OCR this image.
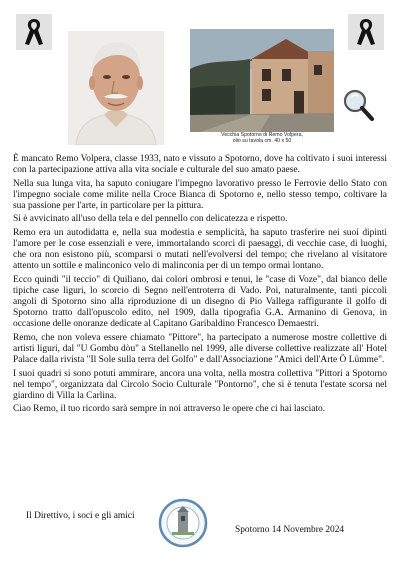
Vecchia Spotorno di Remo Volpera,
olio su tavola cm. 40 x 50

È mancato Remo Volpera, classe 1933, nato e vissuto a Spotorno, dove ha coltivato i suoi interessi con la partecipazione attiva alla vita sociale e culturale del suo amato paese.

Nella sua lunga vita, ha saputo coniugare l'impegno lavorativo presso le Ferrovie dello Stato con l'impegno sociale come milite nella Croce Bianca di Spotorno e, nello stesso tempo, coltivare la sua passione per l'arte, in particolare per la pittura.

Si è avvicinato all'uso della tela e del pennello con delicatezza e rispetto.

Remo era un autodidatta e, nella sua modestia e semplicità, ha saputo trasferire nei suoi dipinti l'amore per le cose essenziali e vere, immortalando scorci di paesaggi, di vecchie case, di luoghi, che ora non esistono più, scomparsi o mutati nell'evolversi del tempo; che rivelano al visitatore attento un sottile e malinconico velo di malinconia per di un tempo ormai lontano.

Ecco quindi "il teccio" di Quiliano, dai colori ombrosi e tenui, le "case di Voze", dal bianco delle tipiche case liguri, lo scorcio di Segno nell'entroterra di Vado. Poi, naturalmente, tanti piccoli angoli di Spotorno sino alla riproduzione di un disegno di Pio Vallega raffigurante il golfo di Spotorno tratto dall'opuscolo edito, nel 1909, dalla tipografia G.A. Armanino di Genova, in occasione delle onoranze dedicate al Capitano Garibaldino Francesco Demaestri.

Remo, che non voleva essere chiamato "Pittore", ha partecipato a numerose mostre collettive di artisti liguri, dal "U Gombu dòu" a Stellanello nel 1999, alle diverse collettive realizzate all' Hotel Palace dalla rivista "Il Sole sulla terra del Golfo" e dall'Associazione "Amici dell'Arte Ö Lümme".

I suoi quadri si sono potuti ammirare, ancora una volta, nella mostra collettiva "Pittori a Spotorno nel tempo", organizzata dal Circolo Socio Culturale "Pontorno", che si è tenuta l'estate scorsa nel giardino di Villa la Carlina.

Ciao Remo, il tuo ricordo sarà sempre in noi attraverso le opere che ci hai lasciato.

Il Direttivo, i soci e gli amici
Spotorno 14 Novembre 2024
